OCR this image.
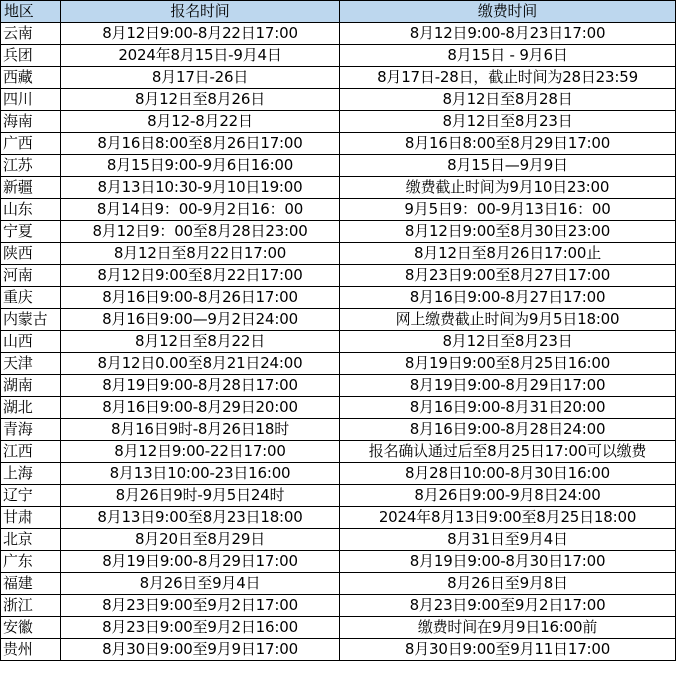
地区	报名时间	缴费时间
云南	8月12日9:00-8月22日17:00	8月12日9:00-8月23日17:00
兵团	2024年8月15日-9月4日	8月15日 - 9月6日
西藏	8月17日-26日	8月17日-28日，截止时间为28日23:59
四川	8月12日至8月26日	8月12日至8月28日
海南	8月12-8月22日	8月12日至8月23日
广西	8月16日8:00至8月26日17:00	8月16日8:00至8月29日17:00
江苏	8月15日9:00-9月6日16:00	8月15日—9月9日
新疆	8月13日10:30-9月10日19:00	缴费截止时间为9月10日23:00
山东	8月14日9：00-9月2日16：00	9月5日9：00-9月13日16：00
宁夏	8月12日9：00至8月28日23:00	8月12日9:00至8月30日23:00
陕西	8月12日至8月22日17:00	8月12日至8月26日17:00止
河南	8月12日9:00至8月22日17:00	8月23日9:00至8月27日17:00
重庆	8月16日9:00-8月26日17:00	8月16日9:00-8月27日17:00
内蒙古	8月16日9:00—9月2日24:00	网上缴费截止时间为9月5日18:00
山西	8月12日至8月22日	8月12日至8月23日
天津	8月12日0.00至8月21日24:00	8月19日9:00至8月25日16:00
湖南	8月19日9:00-8月28日17:00	8月19日9:00-8月29日17:00
湖北	8月16日9:00-8月29日20:00	8月16日9:00-8月31日20:00
青海	8月16日9时-8月26日18时	8月16日9:00-8月28日24:00
江西	8月12日9:00-22日17:00	报名确认通过后至8月25日17:00可以缴费
上海	8月13日10:00-23日16:00	8月28日10:00-8月30日16:00
辽宁	8月26日9时-9月5日24时	8月26日9:00-9月8日24:00
甘肃	8月13日9:00至8月23日18:00	2024年8月13日9:00至8月25日18:00
北京	8月20日至8月29日	8月31日至9月4日
广东	8月19日9:00-8月29日17:00	8月19日9:00-8月30日17:00
福建	8月26日至9月4日	8月26日至9月8日
浙江	8月23日9:00至9月2日17:00	8月23日9:00至9月2日17:00
安徽	8月23日9:00至9月2日16:00	缴费时间在9月9日16:00前
贵州	8月30日9:00至9月9日17:00	8月30日9:00至9月11日17:00
